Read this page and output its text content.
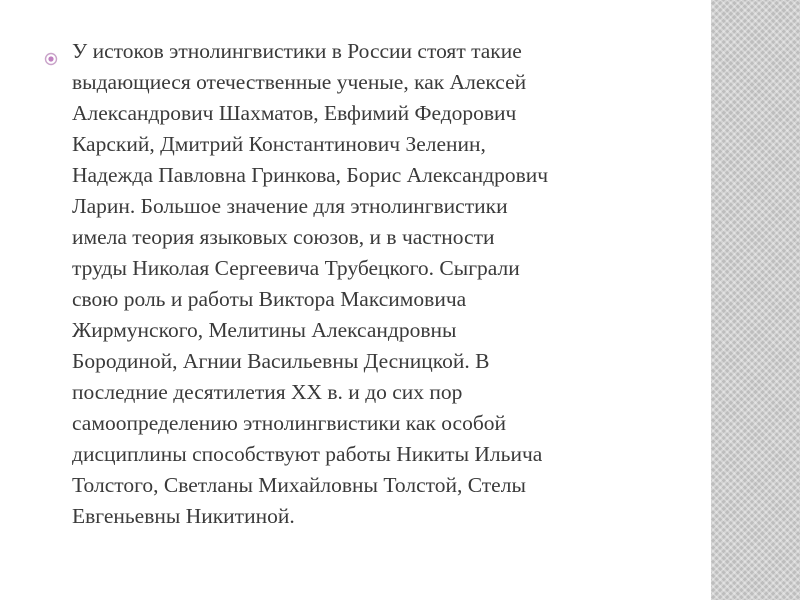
У истоков этнолингвистики в России стоят такие
выдающиеся отечественные ученые, как Алексей
Александрович Шахматов, Евфимий Федорович
Карский, Дмитрий Константинович Зеленин,
Надежда Павловна Гринкова, Борис Александрович
Ларин. Большое значение для этнолингвистики
имела теория языковых союзов, и в частности
труды Николая Сергеевича Трубецкого. Сыграли
свою роль и работы Виктора Максимовича
Жирмунского, Мелитины Александровны
Бородиной, Агнии Васильевны Десницкой. В
последние десятилетия XX в. и до сих пор
самоопределению этнолингвистики как особой
дисциплины способствуют работы Никиты Ильича
Толстого, Светланы Михайловны Толстой, Стелы
Евгеньевны Никитиной.
